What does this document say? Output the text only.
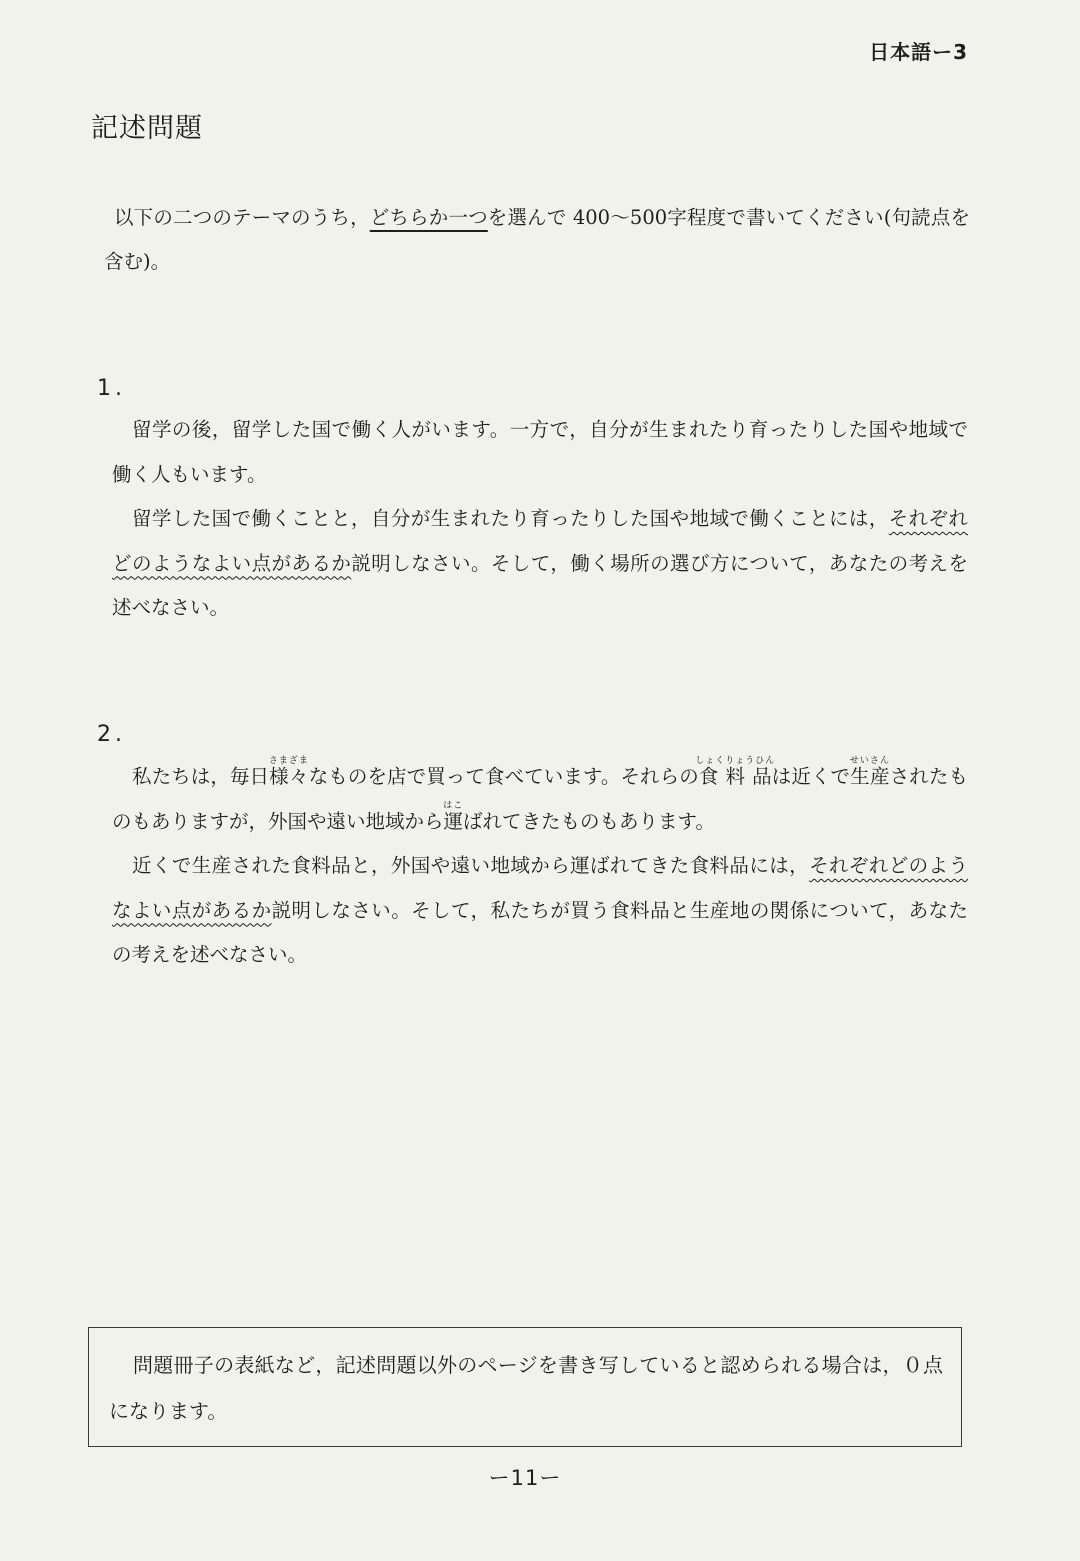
日本語ー3
記述問題
以下の二つのテーマのうち，どちらか一つを選んで 400～500字程度で書いてください(句読点を含む)。
1.

留学の後，留学した国で働く人がいます。一方で，自分が生まれたり育ったりした国や地域で働く人もいます。

留学した国で働くことと，自分が生まれたり育ったりした国や地域で働くことには，それぞれどのようなよい点があるか説明しなさい。そして，働く場所の選び方について，あなたの考えを述べなさい。

2.

私たちは，毎日様々さまざまなものを店で買って食べています。それらの食料品しょくりょうひんは近くで生産せいさんされたものもありますが，外国や遠い地域から運はこばれてきたものもあります。

近くで生産された食料品と，外国や遠い地域から運ばれてきた食料品には，それぞれどのようなよい点があるか説明しなさい。そして，私たちが買う食料品と生産地の関係について，あなたの考えを述べなさい。

問題冊子の表紙など，記述問題以外のページを書き写していると認められる場合は，０点になります。
ー11ー
